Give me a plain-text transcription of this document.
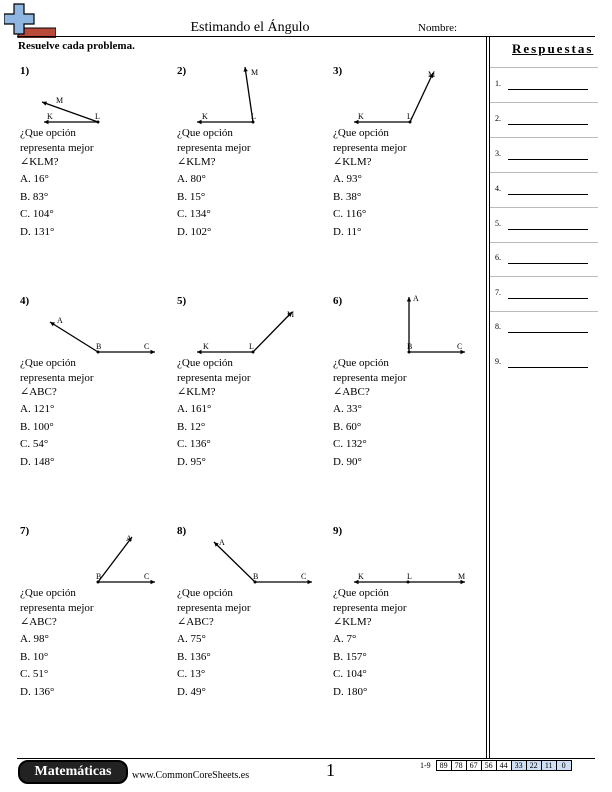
Estimando el Ángulo	Nombre:
Resuelve cada problema.	Respuestas
1.
2.
3.
4.
5.
6.
7.
8.
9.
1)
M
K	L
¿Que opción
representa mejor
∠KLM?
A. 16°
B. 83°
C. 104°
D. 131°
2)	M
K	L
¿Que opción
representa mejor
∠KLM?
A. 80°
B. 15°
C. 134°
D. 102°
3)	M
K	L
¿Que opción
representa mejor
∠KLM?
A. 93°
B. 38°
C. 116°
D. 11°
4)
A
B	C
¿Que opción
representa mejor
∠ABC?
A. 121°
B. 100°
C. 54°
D. 148°
5)
M
K	L
¿Que opción
representa mejor
∠KLM?
A. 161°
B. 12°
C. 136°
D. 95°
6)	A
B	C
¿Que opción
representa mejor
∠ABC?
A. 33°
B. 60°
C. 132°
D. 90°
7)
A
B	C
¿Que opción
representa mejor
∠ABC?
A. 98°
B. 10°
C. 51°
D. 136°
8)
A
B	C
¿Que opción
representa mejor
∠ABC?
A. 75°
B. 136°
C. 13°
D. 49°
9)
M
K	L
¿Que opción
representa mejor
∠KLM?
A. 7°
B. 157°
C. 104°
D. 180°
Matemáticas	www.CommonCoreSheets.es	1	1-9 89 78 67 56 44 33 22 11 0
